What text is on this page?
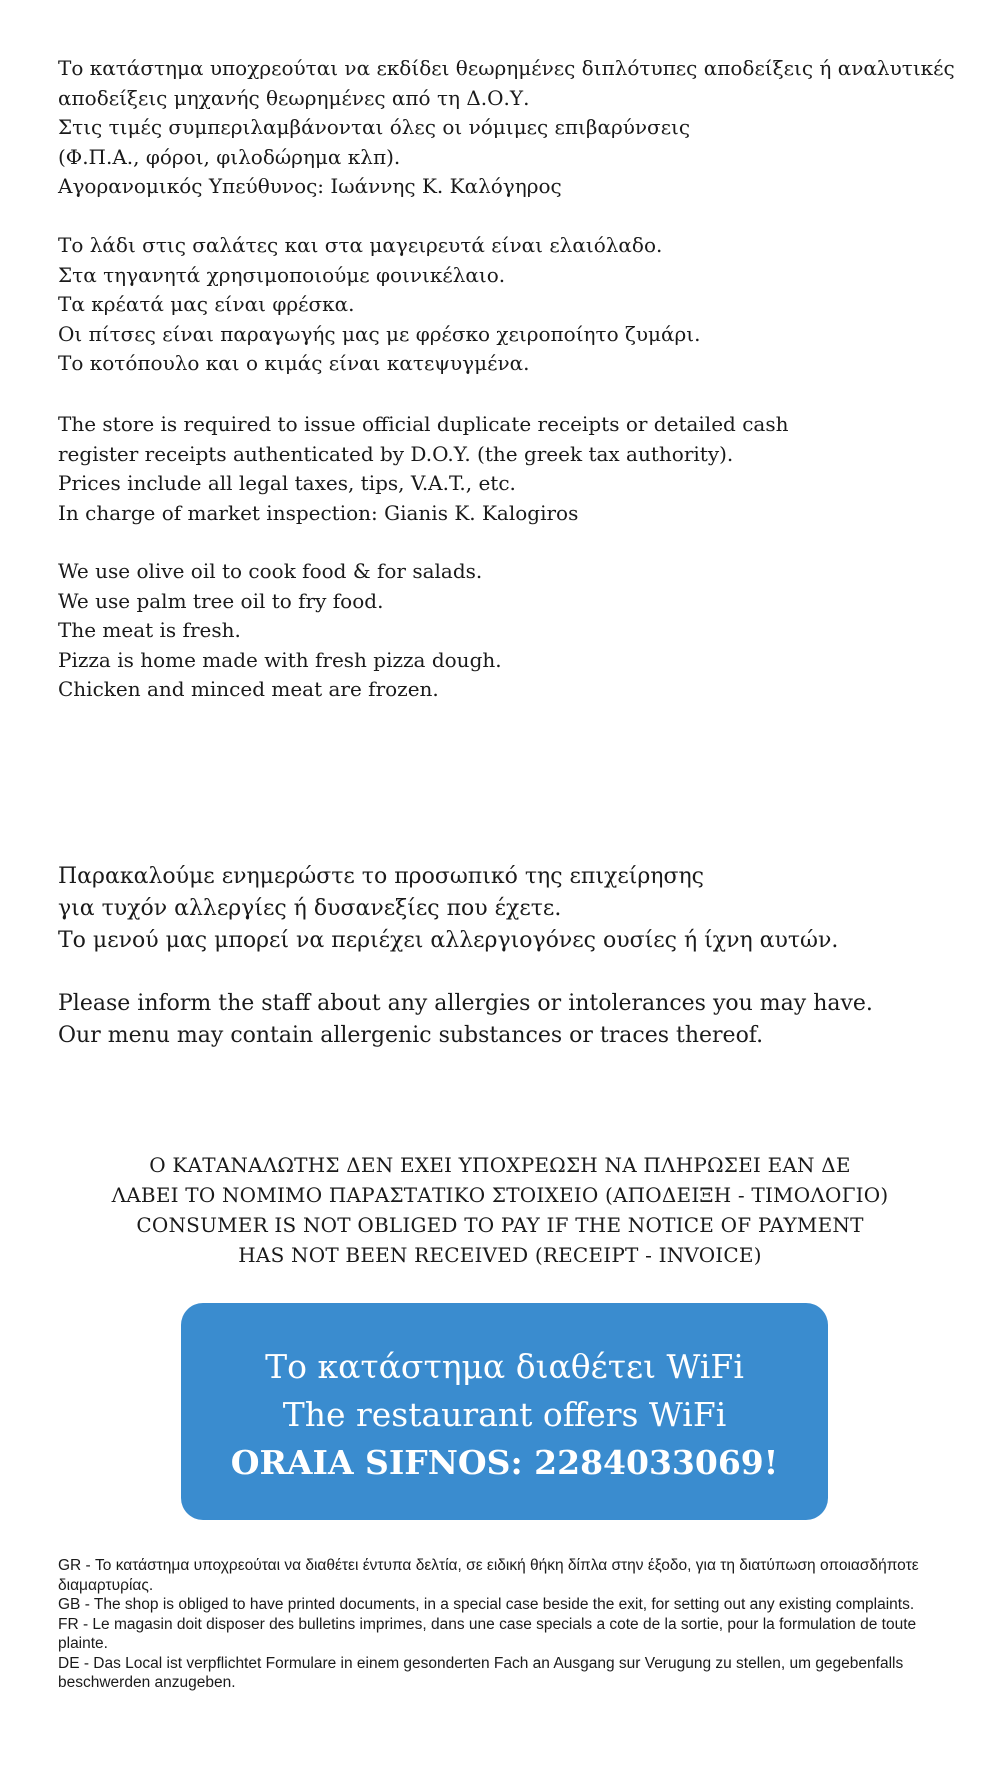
Το κατάστημα υποχρεούται να εκδίδει θεωρημένες διπλότυπες αποδείξεις ή αναλυτικές
αποδείξεις μηχανής θεωρημένες από τη Δ.Ο.Υ.
Στις τιμές συμπεριλαμβάνονται όλες οι νόμιμες επιβαρύνσεις
(Φ.Π.Α., φόροι, φιλοδώρημα κλπ).
Αγορανομικός Υπεύθυνος: Ιωάννης Κ. Καλόγηρος
Το λάδι στις σαλάτες και στα μαγειρευτά είναι ελαιόλαδο.
Στα τηγανητά χρησιμοποιούμε φοινικέλαιο.
Τα κρέατά μας είναι φρέσκα.
Οι πίτσες είναι παραγωγής μας με φρέσκο χειροποίητο ζυμάρι.
Το κοτόπουλο και ο κιμάς είναι κατεψυγμένα.
The store is required to issue official duplicate receipts or detailed cash
register receipts authenticated by D.O.Y. (the greek tax authority).
Prices include all legal taxes, tips, V.A.T., etc.
In charge of market inspection: Gianis K. Kalogiros
We use olive oil to cook food & for salads.
We use palm tree oil to fry food.
The meat is fresh.
Pizza is home made with fresh pizza dough.
Chicken and minced meat are frozen.
Παρακαλούμε ενημερώστε το προσωπικό της επιχείρησης
για τυχόν αλλεργίες ή δυσανεξίες που έχετε.
Το μενού μας μπορεί να περιέχει αλλεργιογόνες ουσίες ή ίχνη αυτών.
Please inform the staff about any allergies or intolerances you may have.
Our menu may contain allergenic substances or traces thereof.
Ο ΚΑΤΑΝΑΛΩΤΗΣ ΔΕΝ ΕΧΕΙ ΥΠΟΧΡΕΩΣΗ ΝΑ ΠΛΗΡΩΣΕΙ ΕΑΝ ΔΕ
ΛΑΒΕΙ ΤΟ ΝΟΜΙΜΟ ΠΑΡΑΣΤΑΤΙΚΟ ΣΤΟΙΧΕΙΟ (ΑΠΟΔΕΙΞΗ - ΤΙΜΟΛΟΓΙΟ)
CONSUMER IS NOT OBLIGED TO PAY IF THE NOTICE OF PAYMENT
HAS NOT BEEN RECEIVED (RECEIPT - INVOICE)
Το κατάστημα διαθέτει WiFi
The restaurant offers WiFi
ORAIA SIFNOS: 2284033069!
GR - Το κατάστημα υποχρεούται να διαθέτει έντυπα δελτία, σε ειδική θήκη δίπλα στην έξοδο, για τη διατύπωση οποιασδήποτε διαμαρτυρίας.
GB - The shop is obliged to have printed documents, in a special case beside the exit, for setting out any existing complaints.
FR - Le magasin doit disposer des bulletins imprimes, dans une case specials a cote de la sortie, pour la formulation de toute plainte.
DE - Das Local ist verpflichtet Formulare in einem gesonderten Fach an Ausgang sur Verugung zu stellen, um gegebenfalls beschwerden anzugeben.
